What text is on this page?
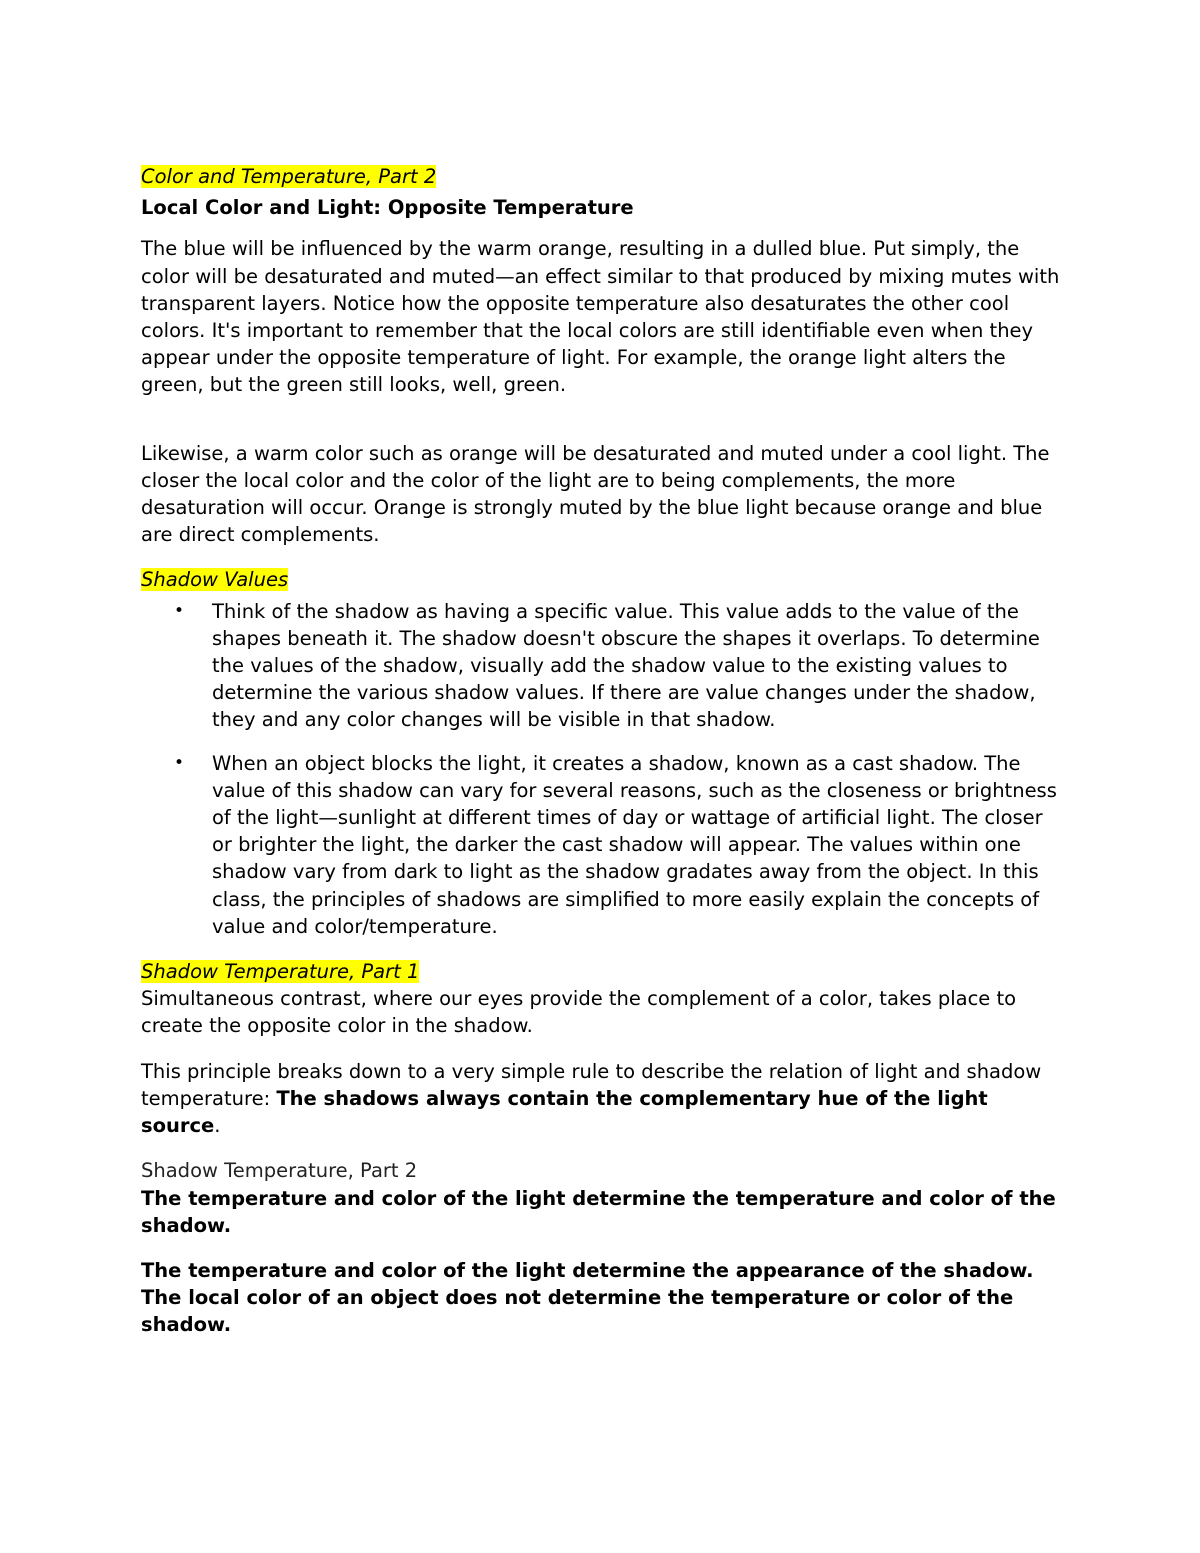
Color and Temperature, Part 2

Local Color and Light: Opposite Temperature

The blue will be influenced by the warm orange, resulting in a dulled blue. Put simply, the color will be desaturated and muted—an effect similar to that produced by mixing mutes with transparent layers. Notice how the opposite temperature also desaturates the other cool colors. It's important to remember that the local colors are still identifiable even when they appear under the opposite temperature of light. For example, the orange light alters the green, but the green still looks, well, green.

Likewise, a warm color such as orange will be desaturated and muted under a cool light. The closer the local color and the color of the light are to being complements, the more desaturation will occur. Orange is strongly muted by the blue light because orange and blue are direct complements.

Shadow Values

• Think of the shadow as having a specific value. This value adds to the value of the shapes beneath it. The shadow doesn't obscure the shapes it overlaps. To determine the values of the shadow, visually add the shadow value to the existing values to determine the various shadow values. If there are value changes under the shadow, they and any color changes will be visible in that shadow.
• When an object blocks the light, it creates a shadow, known as a cast shadow. The value of this shadow can vary for several reasons, such as the closeness or brightness of the light—sunlight at different times of day or wattage of artificial light. The closer or brighter the light, the darker the cast shadow will appear. The values within one shadow vary from dark to light as the shadow gradates away from the object. In this class, the principles of shadows are simplified to more easily explain the concepts of value and color/temperature.

Shadow Temperature, Part 1

Simultaneous contrast, where our eyes provide the complement of a color, takes place to create the opposite color in the shadow.

This principle breaks down to a very simple rule to describe the relation of light and shadow temperature: The shadows always contain the complementary hue of the light source.

Shadow Temperature, Part 2

The temperature and color of the light determine the temperature and color of the shadow.

The temperature and color of the light determine the appearance of the shadow. The local color of an object does not determine the temperature or color of the shadow.
